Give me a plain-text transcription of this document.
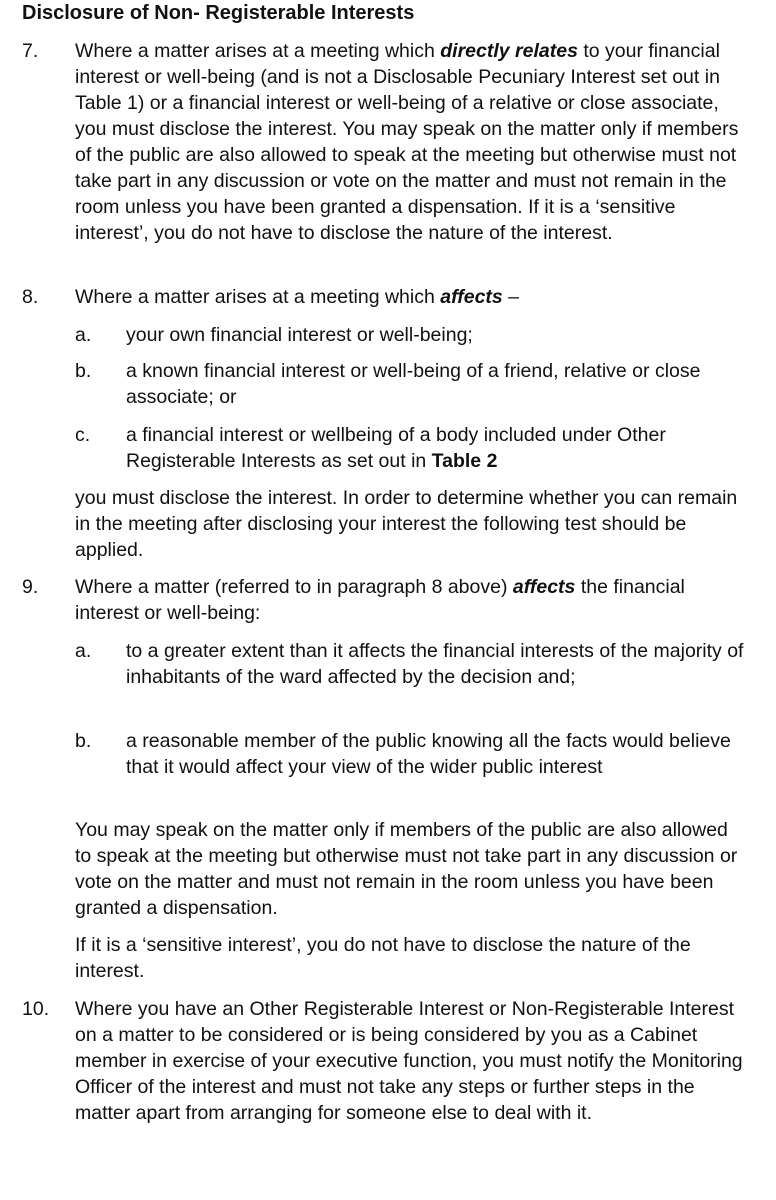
Disclosure of Non- Registerable Interests
7. Where a matter arises at a meeting which directly relates to your financial interest or well-being (and is not a Disclosable Pecuniary Interest set out in Table 1) or a financial interest or well-being of a relative or close associate, you must disclose the interest. You may speak on the matter only if members of the public are also allowed to speak at the meeting but otherwise must not take part in any discussion or vote on the matter and must not remain in the room unless you have been granted a dispensation. If it is a ‘sensitive interest’, you do not have to disclose the nature of the interest.
8. Where a matter arises at a meeting which affects –
a. your own financial interest or well-being;
b. a known financial interest or well-being of a friend, relative or close associate; or
c. a financial interest or wellbeing of a body included under Other Registerable Interests as set out in Table 2
you must disclose the interest. In order to determine whether you can remain in the meeting after disclosing your interest the following test should be applied.
9. Where a matter (referred to in paragraph 8 above) affects the financial interest or well-being:
a. to a greater extent than it affects the financial interests of the majority of inhabitants of the ward affected by the decision and;
b. a reasonable member of the public knowing all the facts would believe that it would affect your view of the wider public interest
You may speak on the matter only if members of the public are also allowed to speak at the meeting but otherwise must not take part in any discussion or vote on the matter and must not remain in the room unless you have been granted a dispensation.
If it is a ‘sensitive interest’, you do not have to disclose the nature of the interest.
10. Where you have an Other Registerable Interest or Non-Registerable Interest on a matter to be considered or is being considered by you as a Cabinet member in exercise of your executive function, you must notify the Monitoring Officer of the interest and must not take any steps or further steps in the matter apart from arranging for someone else to deal with it.
